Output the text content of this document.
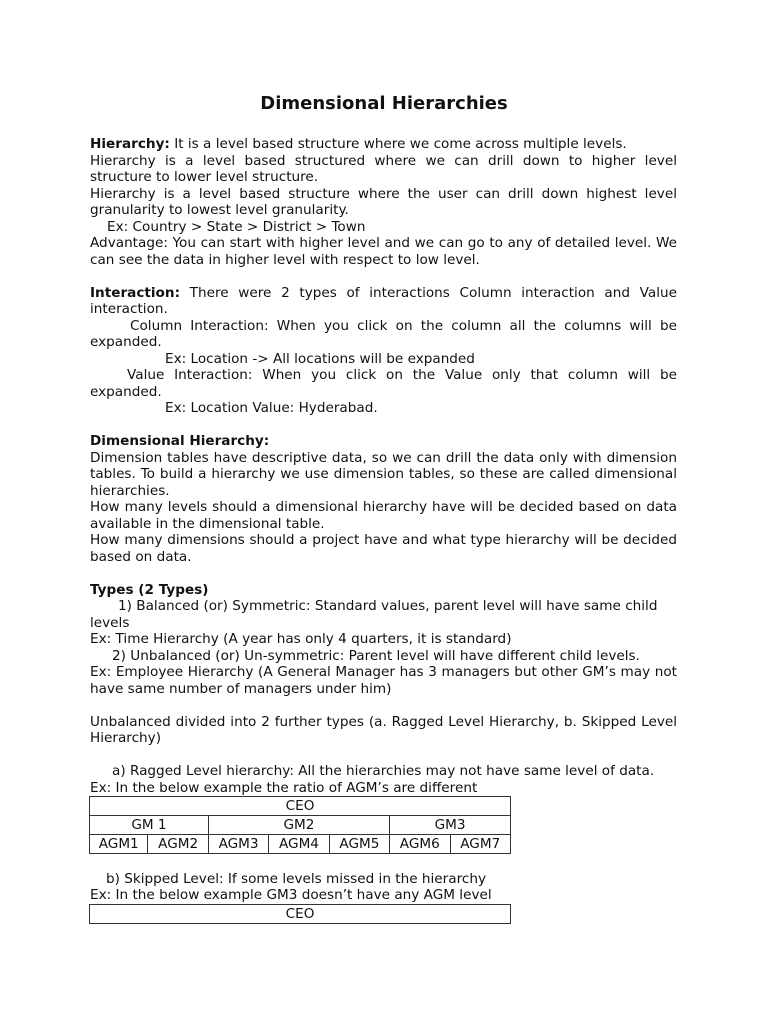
Dimensional Hierarchies
Hierarchy: It is a level based structure where we come across multiple levels.
Hierarchy is a level based structured where we can drill down to higher level structure to lower level structure.
Hierarchy is a level based structure where the user can drill down highest level granularity to lowest level granularity.
Ex: Country > State > District > Town
Advantage: You can start with higher level and we can go to any of detailed level. We can see the data in higher level with respect to low level.
Interaction: There were 2 types of interactions Column interaction and Value interaction.
Column Interaction: When you click on the column all the columns will be expanded.
Ex: Location -> All locations will be expanded
Value Interaction: When you click on the Value only that column will be expanded.
Ex: Location Value: Hyderabad.
Dimensional Hierarchy:
Dimension tables have descriptive data, so we can drill the data only with dimension tables. To build a hierarchy we use dimension tables, so these are called dimensional hierarchies.
How many levels should a dimensional hierarchy have will be decided based on data available in the dimensional table.
How many dimensions should a project have and what type hierarchy will be decided based on data.
Types (2 Types)
1) Balanced (or) Symmetric: Standard values, parent level will have same child levels
Ex: Time Hierarchy (A year has only 4 quarters, it is standard)
2) Unbalanced (or) Un-symmetric: Parent level will have different child levels.
Ex: Employee Hierarchy (A General Manager has 3 managers but other GM’s may not have same number of managers under him)
Unbalanced divided into 2 further types (a. Ragged Level Hierarchy, b. Skipped Level Hierarchy)
a) Ragged Level hierarchy: All the hierarchies may not have same level of data.
Ex: In the below example the ratio of AGM’s are different
CEO						
GM 1		GM2			GM3	
AGM1	AGM2	AGM3	AGM4	AGM5	AGM6	AGM7
b) Skipped Level: If some levels missed in the hierarchy
Ex: In the below example GM3 doesn’t have any AGM level
CEO
